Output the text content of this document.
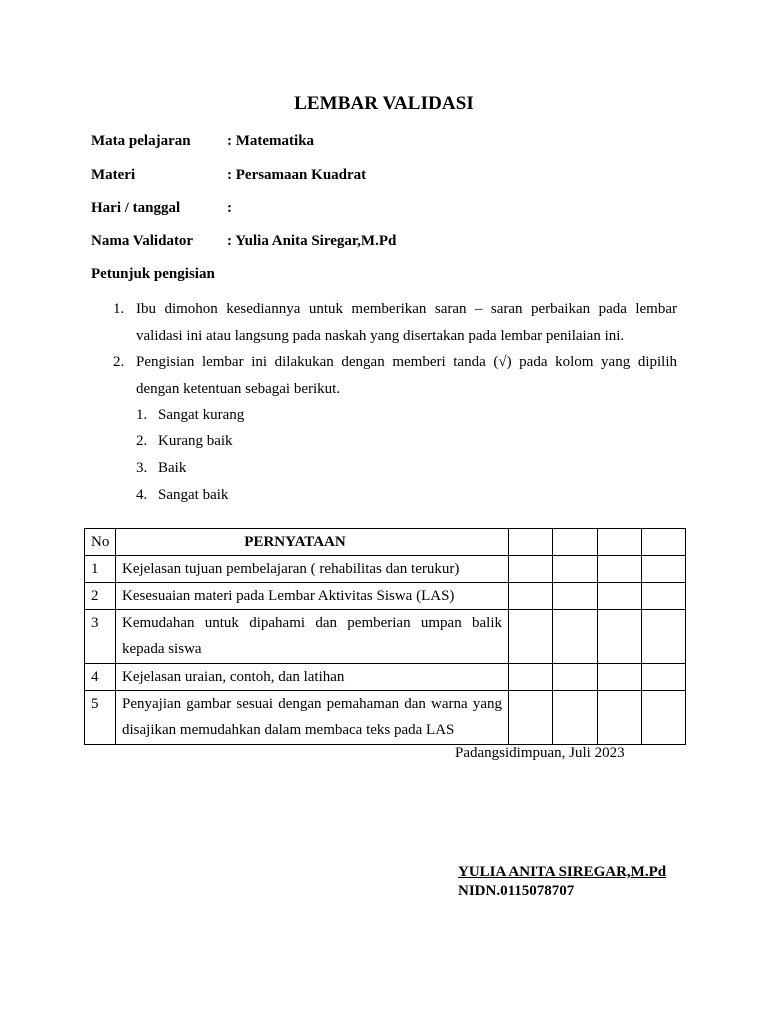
LEMBAR VALIDASI
Mata pelajaran : Matematika
Materi	: Persamaan Kuadrat
Hari / tanggal	:
Nama Validator : Yulia Anita Siregar,M.Pd
Petunjuk pengisian
1. Ibu dimohon kesediannya untuk memberikan saran – saran perbaikan pada lembar
validasi ini atau langsung pada naskah yang disertakan pada lembar penilaian ini.
2. Pengisian lembar ini dilakukan dengan memberi tanda (√) pada kolom yang dipilih
dengan ketentuan sebagai berikut.
1. Sangat kurang
2. Kurang baik
3. Baik
4. Sangat baik
No	PERNYATAAN				
1	Kejelasan tujuan pembelajaran ( rehabilitas dan terukur)				
2	Kesesuaian materi pada Lembar Aktivitas Siswa (LAS)				
3	Kemudahan untuk dipahami dan pemberian umpan balik
kepada siswa				
4	Kejelasan uraian, contoh, dan latihan				
5	Penyajian gambar sesuai dengan pemahaman dan warna yang
disajikan memudahkan dalam membaca teks pada LAS				
Padangsidimpuan, Juli 2023
YULIA ANITA SIREGAR,M.Pd
NIDN.0115078707
